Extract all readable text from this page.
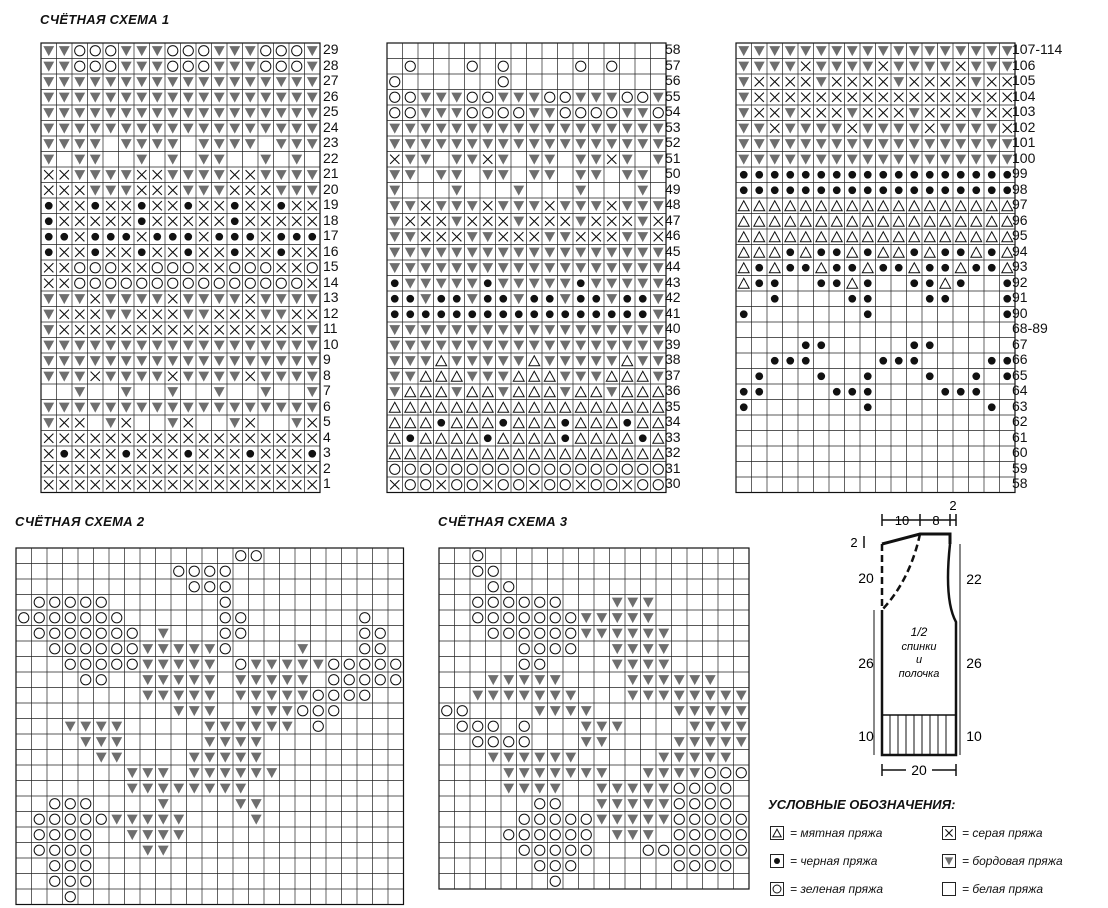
СЧЁТНАЯ СХЕМА 1
СЧЁТНАЯ СХЕМА 2	СЧЁТНАЯ СХЕМА 3
29
28
27
26
25
24
23
22
21
20
19
18
17
16
15
14
13
12
11
10
9
8
7
6
5
4
3
2
1
58
57
56
55
54
53
52
51
50
49
48
47
46
45
44
43
42
41
40
39
38
37
36
35
34
33
32
31
30
107-114
106
105
104
103
102
101
100
99
98
97
96
95
94
93
92
91
90
68-89
67
66
65
64
63
62
61
60
59
58
10 8
2
2
20
26
10
22
26
10
20
1/2
спинки
и
полочка
УСЛОВНЫЕ ОБОЗНАЧЕНИЯ:
= мятная пряжа	= серая пряжа
= черная пряжа	= бордовая пряжа
= зеленая пряжа	= белая пряжа
